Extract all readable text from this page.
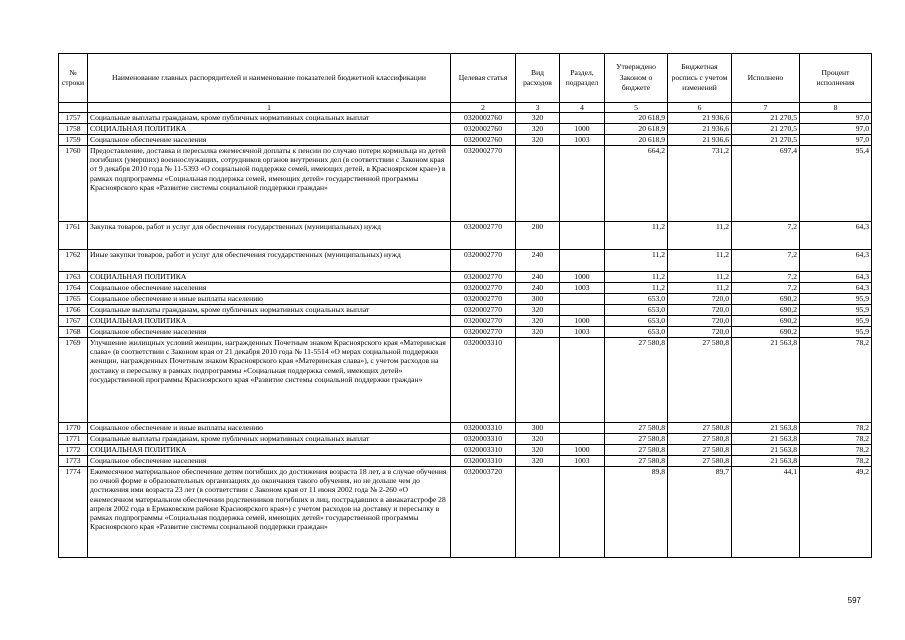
№ строки	Наименование главных распорядителей и наименование показателей бюджетной классификации	Целевая статья	Вид расходов	Раздел, подраздел	Утверждено Законом о бюджете	Бюджетная роспись с учетом изменений	Исполнено	Процент исполнения
	1	2	3	4	5	6	7	8
1757	Социальные выплаты гражданам, кроме публичных нормативных социальных выплат	0320002760	320		20 618,9	21 936,6	21 270,5	97,0
1758	СОЦИАЛЬНАЯ ПОЛИТИКА	0320002760	320	1000	20 618,9	21 936,6	21 270,5	97,0
1759	Социальное обеспечение населения	0320002760	320	1003	20 618,9	21 936,6	21 270,5	97,0
1760	Предоставление, доставка и пересылка ежемесячной доплаты к пенсии по случаю потери кормильца из детей погибших (умерших) военнослужащих, сотрудников органов внутренних дел (в соответствии с Законом края от 9 декабря 2010 года № 11-5393 «О социальной поддержке семей, имеющих детей, в Красноярском крае») в рамках подпрограммы «Социальная поддержка семей, имеющих детей» государственной программы Красноярского края «Развитие системы социальной поддержки граждан»	0320002770			664,2	731,2	697,4	95,4
1761	Закупка товаров, работ и услуг для обеспечения государственных (муниципальных) нужд	0320002770	200		11,2	11,2	7,2	64,3
1762	Иные закупки товаров, работ и услуг для обеспечения государственных (муниципальных) нужд	0320002770	240		11,2	11,2	7,2	64,3
1763	СОЦИАЛЬНАЯ ПОЛИТИКА	0320002770	240	1000	11,2	11,2	7,2	64,3
1764	Социальное обеспечение населения	0320002770	240	1003	11,2	11,2	7,2	64,3
1765	Социальное обеспечение и иные выплаты населению	0320002770	300		653,0	720,0	690,2	95,9
1766	Социальные выплаты гражданам, кроме публичных нормативных социальных выплат	0320002770	320		653,0	720,0	690,2	95,9
1767	СОЦИАЛЬНАЯ ПОЛИТИКА	0320002770	320	1000	653,0	720,0	690,2	95,9
1768	Социальное обеспечение населения	0320002770	320	1003	653,0	720,0	690,2	95,9
1769	Улучшение жилищных условий женщин, награжденных Почетным знаком Красноярского края «Материнская слава» (в соответствии с Законом края от 21 декабря 2010 года № 11-5514 «О мерах социальной поддержки женщин, награжденных Почетным знаком Красноярского края «Материнская слава»), с учетом расходов на доставку и пересылку в рамках подпрограммы «Социальная поддержка семей, имеющих детей» государственной программы Красноярского края «Развитие системы социальной поддержки граждан»	0320003310			27 580,8	27 580,8	21 563,8	78,2
1770	Социальное обеспечение и иные выплаты населению	0320003310	300		27 580,8	27 580,8	21 563,8	78,2
1771	Социальные выплаты гражданам, кроме публичных нормативных социальных выплат	0320003310	320		27 580,8	27 580,8	21 563,8	78,2
1772	СОЦИАЛЬНАЯ ПОЛИТИКА	0320003310	320	1000	27 580,8	27 580,8	21 563,8	78,2
1773	Социальное обеспечение населения	0320003310	320	1003	27 580,8	27 580,8	21 563,8	78,2
1774	Ежемесячное материальное обеспечение детям погибших до достижения возраста 18 лет, а в случае обучения по очной форме в образовательных организациях до окончания такого обучения, но не дольше чем до достижения ими возраста 23 лет (в соответствии с Законом края от 11 июня 2002 года № 2-260 «О ежемесячном материальном обеспечении родственников погибших и лиц, пострадавших в авиакатастрофе 28 апреля 2002 года в Ермаковском районе Красноярского края») с учетом расходов на доставку и пересылку в рамках подпрограммы «Социальная поддержка семей, имеющих детей» государственной программы Красноярского края «Развитие системы социальной поддержки граждан»	0320003720			89,8	89,7	44,1	49,2
597
